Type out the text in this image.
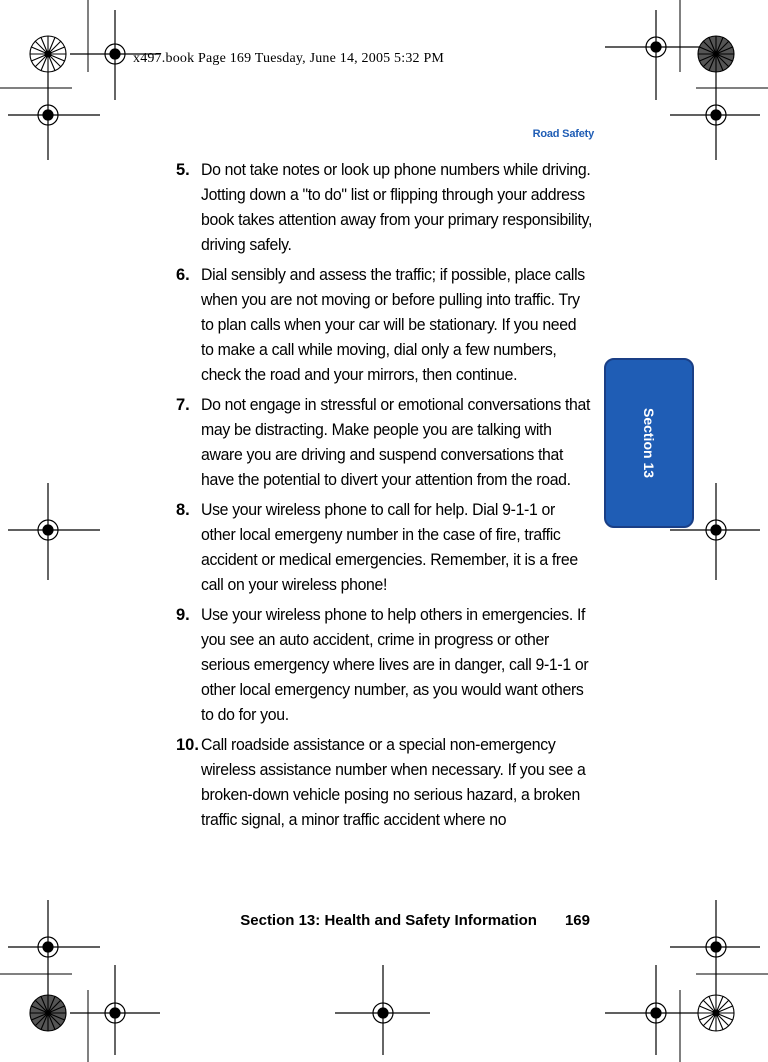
x497.book Page 169 Tuesday, June 14, 2005 5:32 PM
Road Safety
Section 13
5. Do not take notes or look up phone numbers while driving. Jotting down a "to do" list or flipping through your address book takes attention away from your primary responsibility, driving safely.
6. Dial sensibly and assess the traffic; if possible, place calls when you are not moving or before pulling into traffic. Try to plan calls when your car will be stationary. If you need to make a call while moving, dial only a few numbers, check the road and your mirrors, then continue.
7. Do not engage in stressful or emotional conversations that may be distracting. Make people you are talking with aware you are driving and suspend conversations that have the potential to divert your attention from the road.
8. Use your wireless phone to call for help. Dial 9-1-1 or other local emergeny number in the case of fire, traffic accident or medical emergencies. Remember, it is a free call on your wireless phone!
9. Use your wireless phone to help others in emergencies. If you see an auto accident, crime in progress or other serious emergency where lives are in danger, call 9-1-1 or other local emergency number, as you would want others to do for you.
10. Call roadside assistance or a special non-emergency wireless assistance number when necessary. If you see a broken-down vehicle posing no serious hazard, a broken traffic signal, a minor traffic accident where no
Section 13: Health and Safety Information 169
